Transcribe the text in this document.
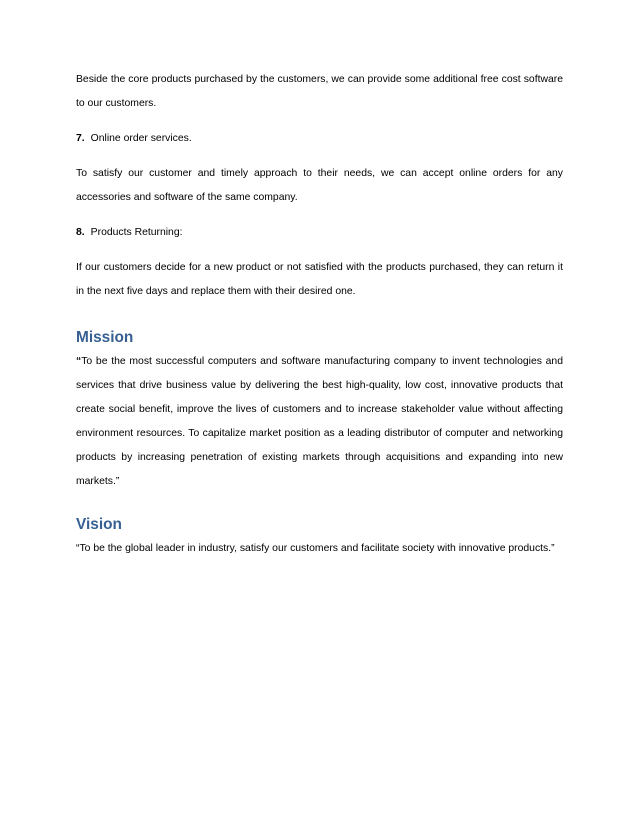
Beside the core products purchased by the customers, we can provide some additional free cost software to our customers.

7. Online order services.

To satisfy our customer and timely approach to their needs, we can accept online orders for any accessories and software of the same company.

8. Products Returning:

If our customers decide for a new product or not satisfied with the products purchased, they can return it in the next five days and replace them with their desired one.

Mission

“To be the most successful computers and software manufacturing company to invent technologies and services that drive business value by delivering the best high-quality, low cost, innovative products that create social benefit, improve the lives of customers and to increase stakeholder value without affecting environment resources. To capitalize market position as a leading distributor of computer and networking products by increasing penetration of existing markets through acquisitions and expanding into new markets.”

Vision

“To be the global leader in industry, satisfy our customers and facilitate society with innovative products.”
